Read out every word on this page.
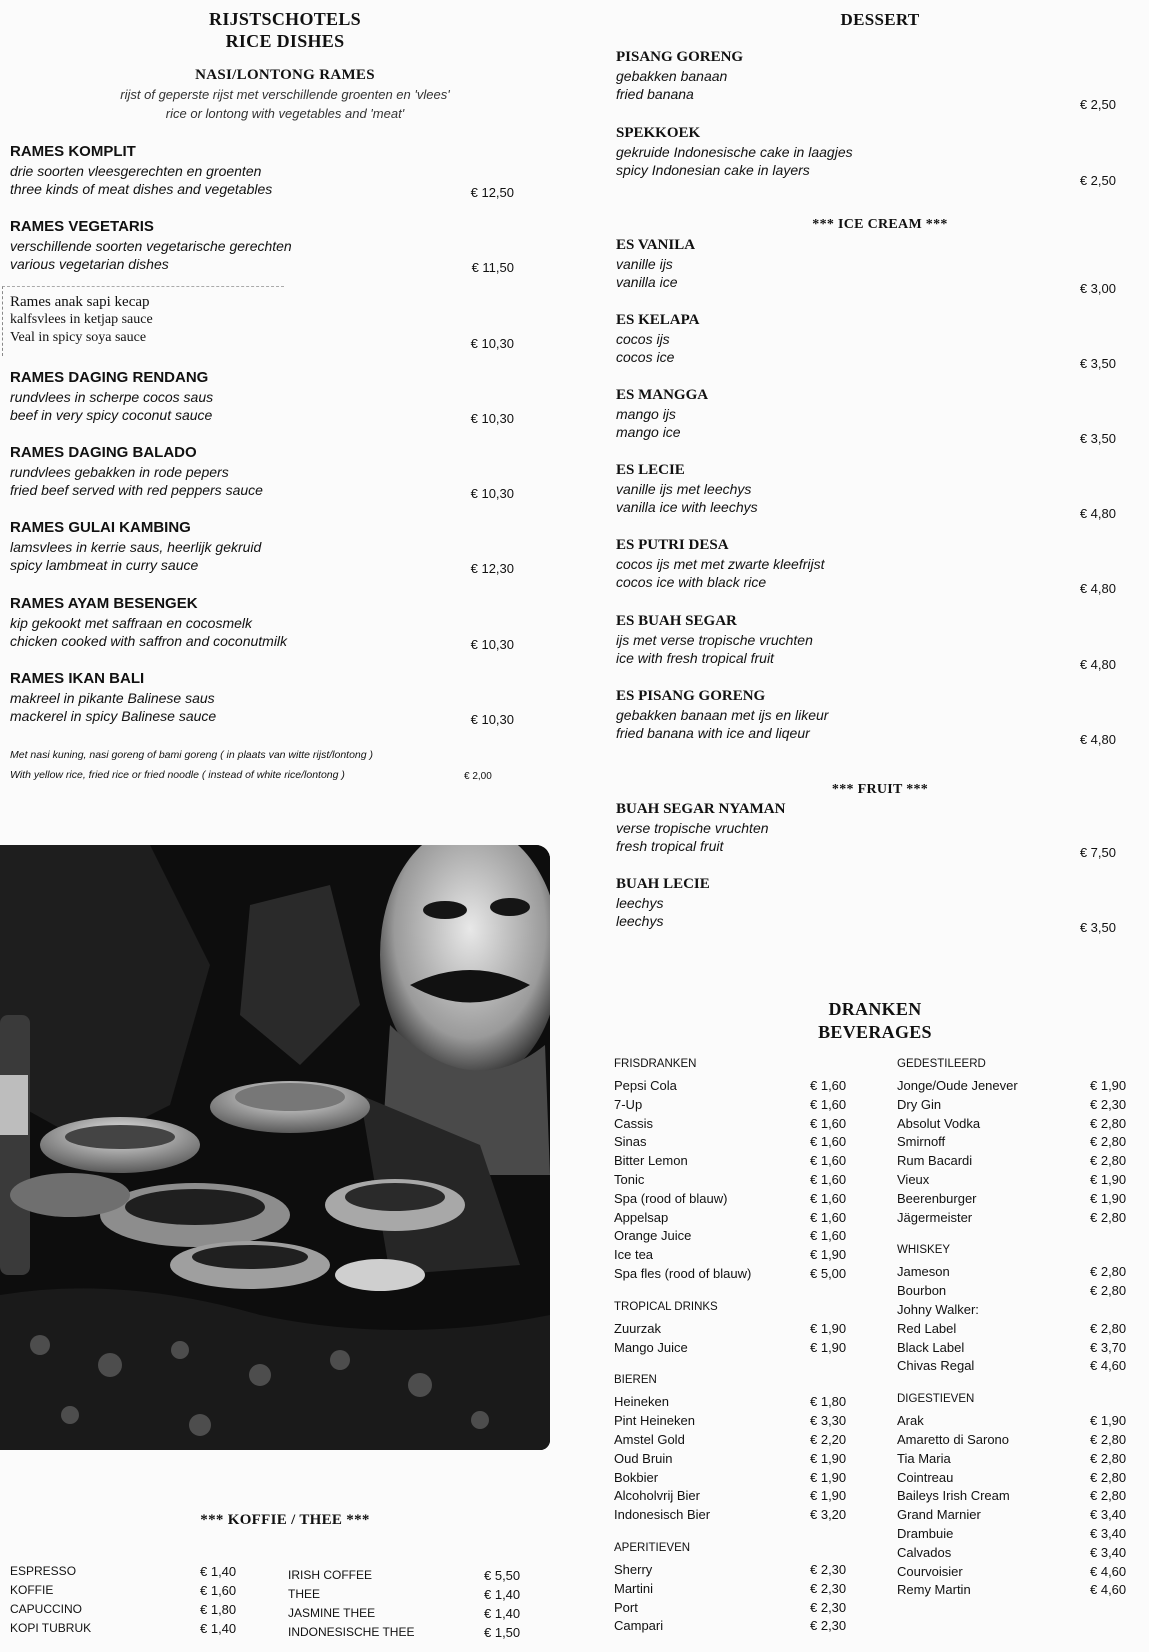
RIJSTSCHOTELS
RICE DISHES
NASI/LONTONG RAMES
rijst of geperste rijst met verschillende groenten en 'vlees'
rice or lontong with vegetables and 'meat'
RAMES KOMPLIT
drie soorten vleesgerechten en groenten
three kinds of meat dishes and vegetables	€ 12,50
RAMES VEGETARIS
verschillende soorten vegetarische gerechten
various vegetarian dishes	€ 11,50
Rames anak sapi kecap
kalfsvlees in ketjap sauce
Veal in spicy soya sauce	€ 10,30
RAMES DAGING RENDANG
rundvlees in scherpe cocos saus
beef in very spicy coconut sauce	€ 10,30
RAMES DAGING BALADO
rundvlees gebakken in rode pepers
fried beef served with red peppers sauce	€ 10,30
RAMES GULAI KAMBING
lamsvlees in kerrie saus, heerlijk gekruid
spicy lambmeat in curry sauce	€ 12,30
RAMES AYAM BESENGEK
kip gekookt met saffraan en cocosmelk
chicken cooked with saffron and coconutmilk	€ 10,30
RAMES IKAN BALI
makreel in pikante Balinese saus
mackerel in spicy Balinese sauce	€ 10,30
Met nasi kuning, nasi goreng of bami goreng ( in plaats van witte rijst/lontong )
With yellow rice, fried rice or fried noodle ( instead of white rice/lontong )	€ 2,00
*** KOFFIE / THEE ***
ESPRESSO	€ 1,40
KOFFIE	€ 1,60
CAPUCCINO	€ 1,80
KOPI TUBRUK	€ 1,40
IRISH COFFEE	€ 5,50
THEE	€ 1,40
JASMINE THEE	€ 1,40
INDONESISCHE THEE	€ 1,50
DESSERT
PISANG GORENG
gebakken banaan
fried banana
€ 2,50
SPEKKOEK
gekruide Indonesische cake in laagjes
spicy Indonesian cake in layers
€ 2,50
*** ICE CREAM ***
ES VANILA
vanille ijs
vanilla ice	€ 3,00
ES KELAPA
cocos ijs
cocos ice	€ 3,50
ES MANGGA
mango ijs
mango ice	€ 3,50
ES LECIE
vanille ijs met leechys
vanilla ice with leechys	€ 4,80
ES PUTRI DESA
cocos ijs met met zwarte kleefrijst
cocos ice with black rice	€ 4,80
ES BUAH SEGAR
ijs met verse tropische vruchten
ice with fresh tropical fruit	€ 4,80
ES PISANG GORENG
gebakken banaan met ijs en likeur
fried banana with ice and liqeur	€ 4,80
*** FRUIT ***
BUAH SEGAR NYAMAN
verse tropische vruchten
fresh tropical fruit	€ 7,50
BUAH LECIE
leechys
leechys	€ 3,50
DRANKEN
BEVERAGES
FRISDRANKEN
Pepsi Cola	€ 1,60
7-Up	€ 1,60
Cassis	€ 1,60
Sinas	€ 1,60
Bitter Lemon	€ 1,60
Tonic	€ 1,60
Spa (rood of blauw)	€ 1,60
Appelsap	€ 1,60
Orange Juice	€ 1,60
Ice tea	€ 1,90
Spa fles (rood of blauw)	€ 5,00
TROPICAL DRINKS
Zuurzak	€ 1,90
Mango Juice	€ 1,90
BIEREN
Heineken	€ 1,80
Pint Heineken	€ 3,30
Amstel Gold	€ 2,20
Oud Bruin	€ 1,90
Bokbier	€ 1,90
Alcoholvrij Bier	€ 1,90
Indonesisch Bier	€ 3,20
APERITIEVEN
Sherry	€ 2,30
Martini	€ 2,30
Port	€ 2,30
Campari	€ 2,30
GEDESTILEERD
Jonge/Oude Jenever	€ 1,90
Dry Gin	€ 2,30
Absolut Vodka	€ 2,80
Smirnoff	€ 2,80
Rum Bacardi	€ 2,80
Vieux	€ 1,90
Beerenburger	€ 1,90
Jägermeister	€ 2,80
WHISKEY
Jameson	€ 2,80
Bourbon	€ 2,80
Johny Walker:
Red Label	€ 2,80
Black Label	€ 3,70
Chivas Regal	€ 4,60
DIGESTIEVEN
Arak	€ 1,90
Amaretto di Sarono	€ 2,80
Tia Maria	€ 2,80
Cointreau	€ 2,80
Baileys Irish Cream	€ 2,80
Grand Marnier	€ 3,40
Drambuie	€ 3,40
Calvados	€ 3,40
Courvoisier	€ 4,60
Remy Martin	€ 4,60
